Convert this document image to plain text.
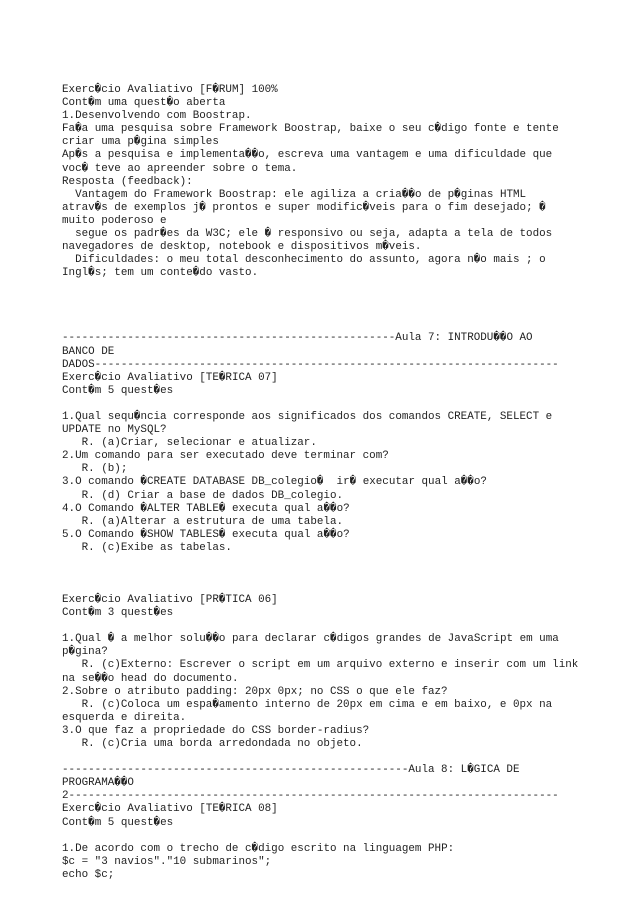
Exerc�cio Avaliativo [F�RUM] 100%
Cont�m uma quest�o aberta
1.Desenvolvendo com Boostrap.
Fa�a uma pesquisa sobre Framework Boostrap, baixe o seu c�digo fonte e tente
criar uma p�gina simples
Ap�s a pesquisa e implementa��o, escreva uma vantagem e uma dificuldade que
voc� teve ao apreender sobre o tema.
Resposta (feedback):
Vantagem do Framework Boostrap: ele agiliza a cria��o de p�ginas HTML
atrav�s de exemplos j� prontos e super modific�veis para o fim desejado; �
muito poderoso e
segue os padr�es da W3C; ele � responsivo ou seja, adapta a tela de todos
navegadores de desktop, notebook e dispositivos m�veis.
Dificuldades: o meu total desconhecimento do assunto, agora n�o mais ; o
Ingl�s; tem um conte�do vasto.
---------------------------------------------------Aula 7: INTRODU��O AO
BANCO DE
DADOS-----------------------------------------------------------------------
Exerc�cio Avaliativo [TE�RICA 07]
Cont�m 5 quest�es
1.Qual sequ�ncia corresponde aos significados dos comandos CREATE, SELECT e
UPDATE no MySQL?
R. (a)Criar, selecionar e atualizar.
2.Um comando para ser executado deve terminar com?
R. (b);
3.O comando �CREATE DATABASE DB_colegio�  ir� executar qual a��o?
R. (d) Criar a base de dados DB_colegio.
4.O Comando �ALTER TABLE� executa qual a��o?
R. (a)Alterar a estrutura de uma tabela.
5.O Comando �SHOW TABLES� executa qual a��o?
R. (c)Exibe as tabelas.
Exerc�cio Avaliativo [PR�TICA 06]
Cont�m 3 quest�es
1.Qual � a melhor solu��o para declarar c�digos grandes de JavaScript em uma
p�gina?
R. (c)Externo: Escrever o script em um arquivo externo e inserir com um link
na se��o head do documento.
2.Sobre o atributo padding: 20px 0px; no CSS o que ele faz?
R. (c)Coloca um espa�amento interno de 20px em cima e em baixo, e 0px na
esquerda e direita.
3.O que faz a propriedade do CSS border-radius?
R. (c)Cria uma borda arredondada no objeto.
-----------------------------------------------------Aula 8: L�GICA DE
PROGRAMA��O
2---------------------------------------------------------------------------
Exerc�cio Avaliativo [TE�RICA 08]
Cont�m 5 quest�es
1.De acordo com o trecho de c�digo escrito na linguagem PHP:
$c = "3 navios"."10 submarinos";
echo $c;
